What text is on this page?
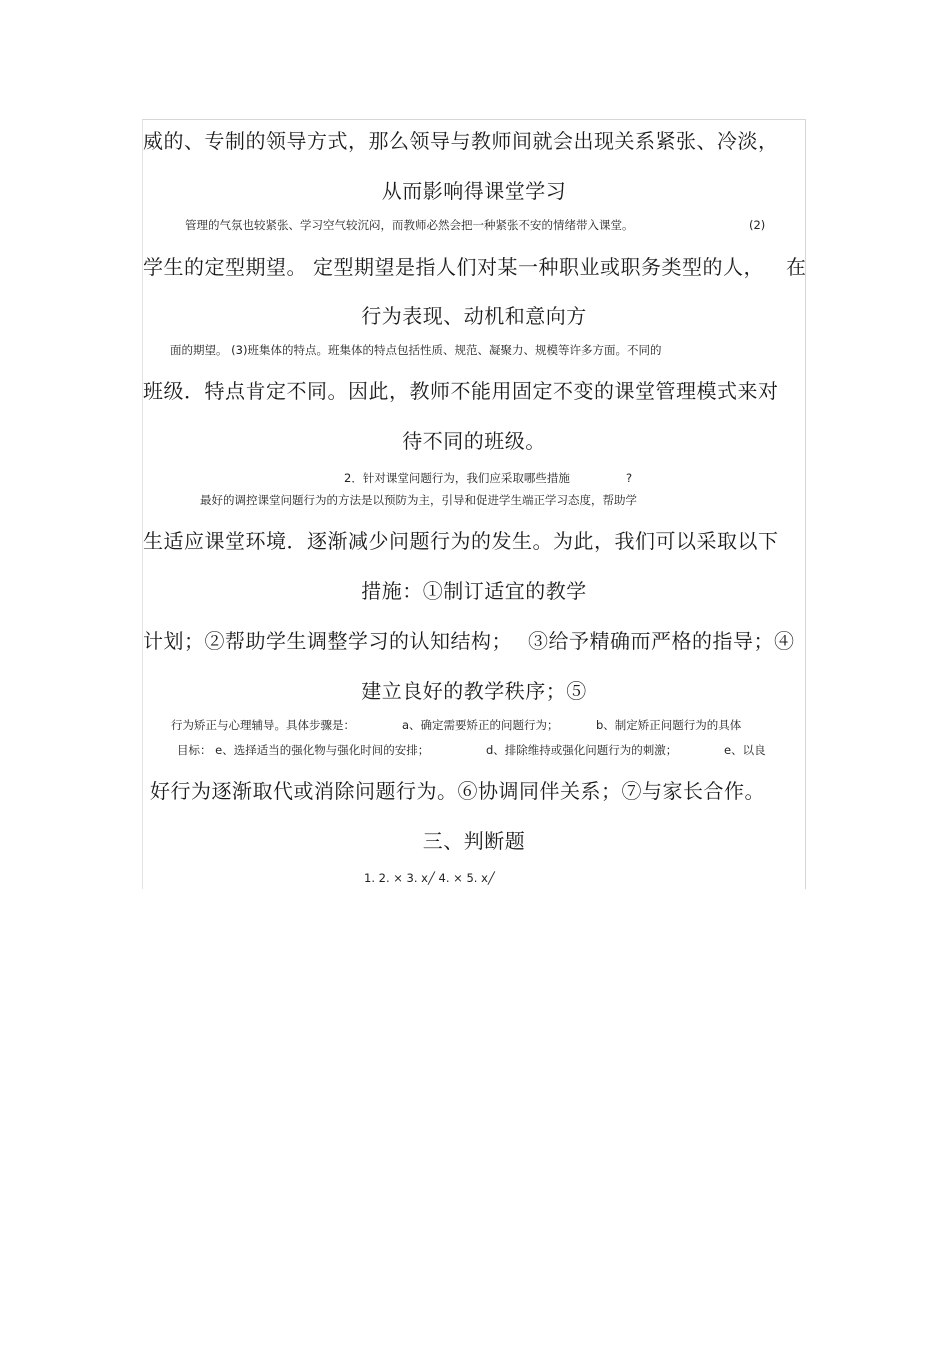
威的、专制的领导方式，那么领导与教师间就会出现关系紧张、冷淡，
从而影响得课堂学习
管理的气氛也较紧张、学习空气较沉闷，而教师必然会把一种紧张不安的情绪带入课堂。	(2)
学生的定型期望。 定型期望是指人们对某一种职业或职务类型的人， 在
行为表现、动机和意向方
面的期望。 (3)班集体的特点。班集体的特点包括性质、规范、凝聚力、规模等许多方面。不同的
班级．特点肯定不同。因此，教师不能用固定不变的课堂管理模式来对
待不同的班级。
2．针对课堂问题行为，我们应采取哪些措施	?
最好的调控课堂问题行为的方法是以预防为主，引导和促进学生端正学习态度，帮助学
生适应课堂环境．逐渐减少问题行为的发生。为此，我们可以采取以下
措施：①制订适宜的教学
计划；②帮助学生调整学习的认知结构； ③给予精确而严格的指导；④
建立良好的教学秩序；⑤
行为矫正与心理辅导。具体步骤是：	a、确定需要矫正的问题行为；	b、制定矫正问题行为的具体
目标： e、选择适当的强化物与强化时间的安排；	d、排除维持或强化问题行为的刺激；	e、以良
好行为逐渐取代或消除问题行为。⑥协调同伴关系；⑦与家长合作。
三、判断题
1. 2. × 3. x╱ 4. × 5. x╱
